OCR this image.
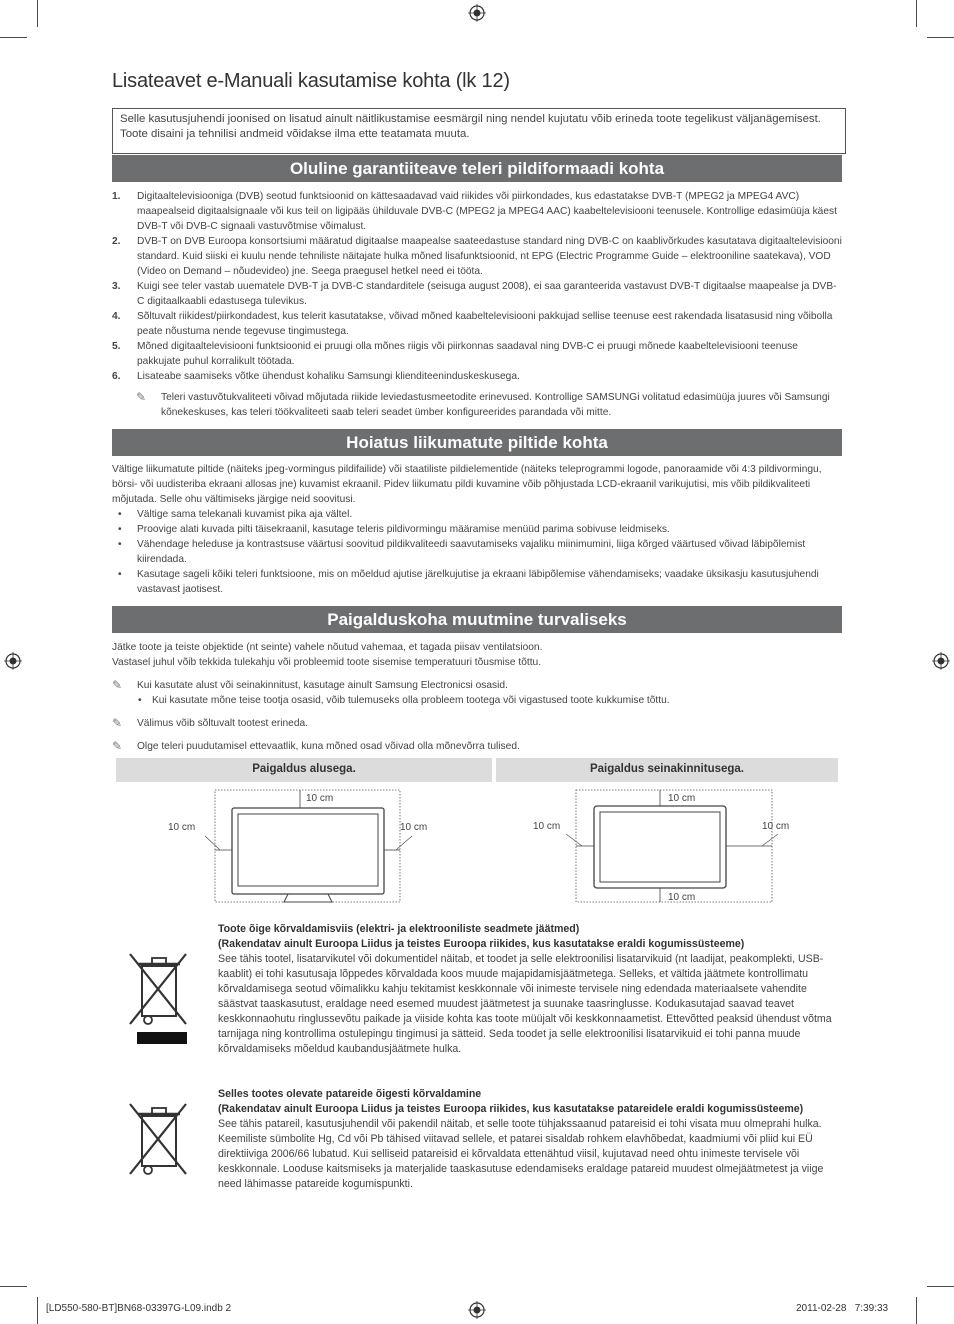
Lisateavet e-Manuali kasutamise kohta (lk 12)
Selle kasutusjuhendi joonised on lisatud ainult näitlikustamise eesmärgil ning nendel kujutatu võib erineda toote tegelikust väljanägemisest. Toote disaini ja tehnilisi andmeid võidakse ilma ette teatamata muuta.
Oluline garantiiteave teleri pildiformaadi kohta
1. Digitaaltelevisiooniga (DVB) seotud funktsioonid on kättesaadavad vaid riikides või piirkondades, kus edastatakse DVB-T (MPEG2 ja MPEG4 AVC) maapealseid digitaalsignaale või kus teil on ligipääs ühilduvale DVB-C (MPEG2 ja MPEG4 AAC) kaabeltelevisiooni teenusele. Kontrollige edasimüüja käest DVB-T või DVB-C signaali vastuvõtmise võimalust.
2. DVB-T on DVB Euroopa konsortsiumi määratud digitaalse maapealse saateedastuse standard ning DVB-C on kaablivõrkudes kasutatava digitaaltelevisiooni standard. Kuid siiski ei kuulu nende tehniliste näitajate hulka mõned lisafunktsioonid, nt EPG (Electric Programme Guide – elektrooniline saatekava), VOD (Video on Demand – nõudevideo) jne. Seega praegusel hetkel need ei tööta.
3. Kuigi see teler vastab uuematele DVB-T ja DVB-C standarditele (seisuga august 2008), ei saa garanteerida vastavust DVB-T digitaalse maapealse ja DVB-C digitaalkaabli edastusega tulevikus.
4. Sõltuvalt riikidest/piirkondadest, kus telerit kasutatakse, võivad mõned kaabeltelevisiooni pakkujad sellise teenuse eest rakendada lisatasusid ning võibolla peate nõustuma nende tegevuse tingimustega.
5. Mõned digitaaltelevisiooni funktsioonid ei pruugi olla mõnes riigis või piirkonnas saadaval ning DVB-C ei pruugi mõnede kaabeltelevisiooni teenuse pakkujate puhul korralikult töötada.
6. Lisateabe saamiseks võtke ühendust kohaliku Samsungi klienditeeninduskeskusega.
✎ Teleri vastuvõtukvaliteeti võivad mõjutada riikide leviedastusmeetodite erinevused. Kontrollige SAMSUNGi volitatud edasimüüja juures või Samsungi kõnekeskuses, kas teleri töökvaliteeti saab teleri seadet ümber konfigureerides parandada või mitte.
Hoiatus liikumatute piltide kohta
Vältige liikumatute piltide (näiteks jpeg-vormingus pildifailide) või staatiliste pildielementide (näiteks teleprogrammi logode, panoraamide või 4:3 pildivormingu, börsi- või uudisteriba ekraani allosas jne) kuvamist ekraanil. Pidev liikumatu pildi kuvamine võib põhjustada LCD-ekraanil varikujutisi, mis võib pildikvaliteeti mõjutada. Selle ohu vältimiseks järgige neid soovitusi.
• Vältige sama telekanali kuvamist pika aja vältel.
• Proovige alati kuvada pilti täisekraanil, kasutage teleris pildivormingu määramise menüüd parima sobivuse leidmiseks.
• Vähendage heleduse ja kontrastsuse väärtusi soovitud pildikvaliteedi saavutamiseks vajaliku miinimumini, liiga kõrged väärtused võivad läbipõlemist kiirendada.
• Kasutage sageli kõiki teleri funktsioone, mis on mõeldud ajutise järelkujutise ja ekraani läbipõlemise vähendamiseks; vaadake üksikasju kasutusjuhendi vastavast jaotisest.
Paigalduskoha muutmine turvaliseks
Jätke toote ja teiste objektide (nt seinte) vahele nõutud vahemaa, et tagada piisav ventilatsioon.
Vastasel juhul võib tekkida tulekahju või probleemid toote sisemise temperatuuri tõusmise tõttu.
✎ Kui kasutate alust või seinakinnitust, kasutage ainult Samsung Electronicsi osasid.
• Kui kasutate mõne teise tootja osasid, võib tulemuseks olla probleem tootega või vigastused toote kukkumise tõttu.
✎ Välimus võib sõltuvalt tootest erineda.
✎ Olge teleri puudutamisel ettevaatlik, kuna mõned osad võivad olla mõnevõrra tulised.
Paigaldus alusega.	Paigaldus seinakinnitusega.
10 cm
10 cm	10 cm
10 cm
10 cm	10 cm
10 cm
Toote õige kõrvaldamisviis (elektri- ja elektrooniliste seadmete jäätmed)
(Rakendatav ainult Euroopa Liidus ja teistes Euroopa riikides, kus kasutatakse eraldi kogumissüsteeme)
See tähis tootel, lisatarvikutel või dokumentidel näitab, et toodet ja selle elektroonilisi lisatarvikuid (nt laadijat, peakomplekti, USB-kaablit) ei tohi kasutusaja lõppedes kõrvaldada koos muude majapidamisjäätmetega. Selleks, et vältida jäätmete kontrollimatu kõrvaldamisega seotud võimalikku kahju tekitamist keskkonnale või inimeste tervisele ning edendada materiaalsete vahendite säästvat taaskasutust, eraldage need esemed muudest jäätmetest ja suunake taasringlusse. Kodukasutajad saavad teavet keskkonnaohutu ringlussevõtu paikade ja viiside kohta kas toote müüjalt või keskkonnaametist. Ettevõtted peaksid ühendust võtma tarnijaga ning kontrollima ostulepingu tingimusi ja sätteid. Seda toodet ja selle elektroonilisi lisatarvikuid ei tohi panna muude kõrvaldamiseks mõeldud kaubandusjäätmete hulka.
Selles tootes olevate patareide õigesti kõrvaldamine
(Rakendatav ainult Euroopa Liidus ja teistes Euroopa riikides, kus kasutatakse patareidele eraldi kogumissüsteeme)
See tähis patareil, kasutusjuhendil või pakendil näitab, et selle toote tühjakssaanud patareisid ei tohi visata muu olmeprahi hulka. Keemiliste sümbolite Hg, Cd või Pb tähised viitavad sellele, et patarei sisaldab rohkem elavhõbedat, kaadmiumi või pliid kui EÜ direktiiviga 2006/66 lubatud. Kui selliseid patareisid ei kõrvaldata ettenähtud viisil, kujutavad need ohtu inimeste tervisele või keskkonnale. Looduse kaitsmiseks ja materjalide taaskasutuse edendamiseks eraldage patareid muudest olmejäätmetest ja viige need lähimasse patareide kogumispunkti.
[LD550-580-BT]BN68-03397G-L09.indb 2	2011-02-28   7:39:33
